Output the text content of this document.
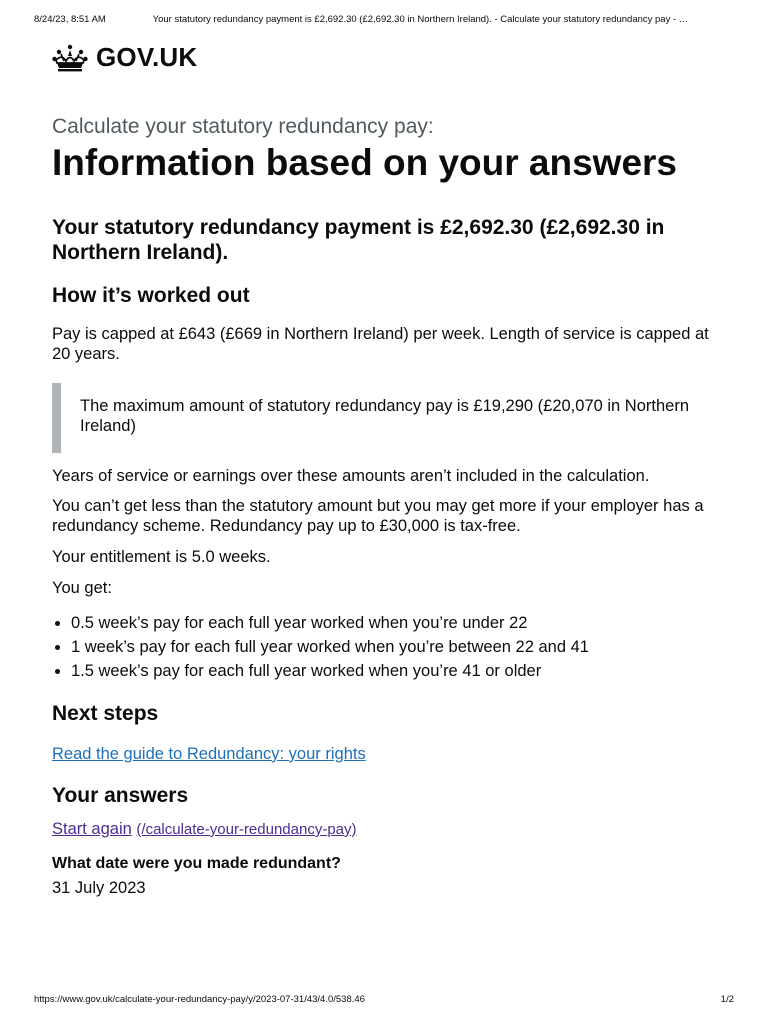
8/24/23, 8:51 AM	Your statutory redundancy payment is £2,692.30 (£2,692.30 in Northern Ireland). - Calculate your statutory redundancy pay - …
GOV.UK

Calculate your statutory redundancy pay:

Information based on your answers
Your statutory redundancy payment is £2,692.30 (£2,692.30 in Northern Ireland).
How it’s worked out

Pay is capped at £643 (£669 in Northern Ireland) per week. Length of service is capped at 20 years.

The maximum amount of statutory redundancy pay is £19,290 (£20,070 in Northern Ireland)

Years of service or earnings over these amounts aren’t included in the calculation.

You can’t get less than the statutory amount but you may get more if your employer has a redundancy scheme. Redundancy pay up to £30,000 is tax-free.

Your entitlement is 5.0 weeks.

You get:

• 0.5 week’s pay for each full year worked when you’re under 22
• 1 week’s pay for each full year worked when you’re between 22 and 41
• 1.5 week’s pay for each full year worked when you’re 41 or older
Next steps
Read the guide to Redundancy: your rights
Your answers
Start again (/calculate-your-redundancy-pay)
What date were you made redundant?
31 July 2023
https://www.gov.uk/calculate-your-redundancy-pay/y/2023-07-31/43/4.0/538.46	1/2
